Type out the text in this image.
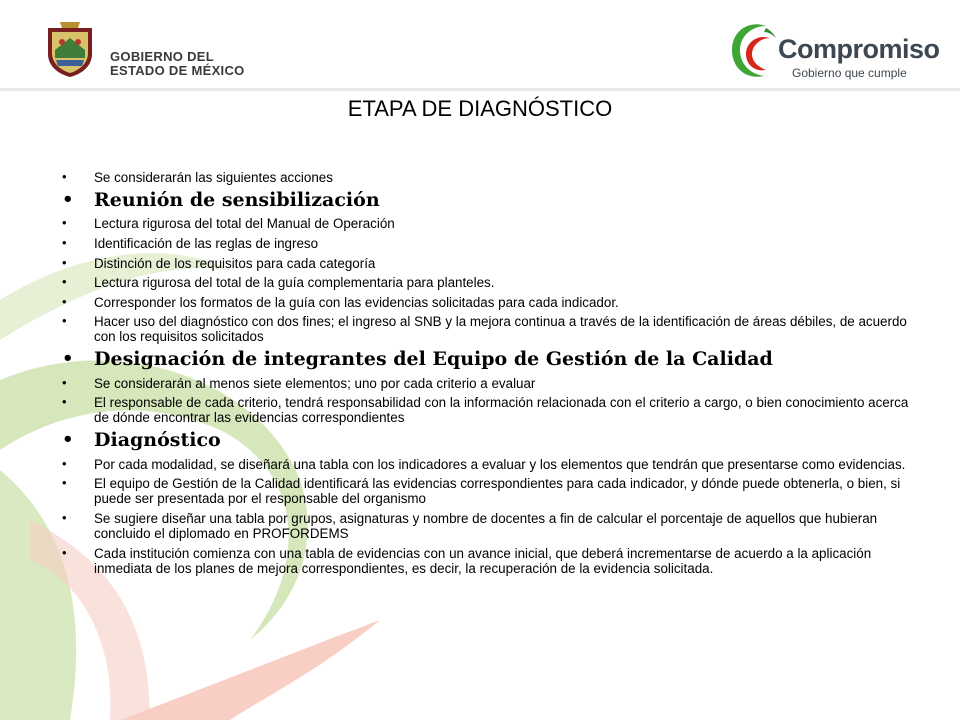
GOBIERNO DEL
ESTADO DE MÉXICO
Compromiso
Gobierno que cumple
ETAPA DE DIAGNÓSTICO
• Se considerarán las siguientes acciones
• Reunión de sensibilización
• Lectura rigurosa del total del Manual de Operación
• Identificación de las reglas de ingreso
• Distinción de los requisitos para cada categoría
• Lectura rigurosa del total de la guía complementaria para planteles.
• Corresponder los formatos de la guía con las evidencias solicitadas para cada indicador.
• Hacer uso del diagnóstico con dos fines; el ingreso al SNB y la mejora continua a través de la identificación de áreas débiles, de acuerdo con los requisitos solicitados
• Designación de integrantes del Equipo de Gestión de la Calidad
• Se considerarán al menos siete elementos; uno por cada criterio a evaluar
• El responsable de cada criterio, tendrá responsabilidad con la información relacionada con el criterio a cargo, o bien conocimiento acerca de dónde encontrar las evidencias correspondientes
• Diagnóstico
• Por cada modalidad, se diseñará una tabla con los indicadores a evaluar y los elementos que tendrán que presentarse como evidencias.
• El equipo de Gestión de la Calidad identificará las evidencias correspondientes para cada indicador, y dónde puede obtenerla, o bien, si puede ser presentada por el responsable del organismo
• Se sugiere diseñar una tabla por grupos, asignaturas y nombre de docentes a fin de calcular el porcentaje de aquellos que hubieran concluido el diplomado en PROFORDEMS
• Cada institución comienza con una tabla de evidencias con un avance inicial, que deberá incrementarse de acuerdo a la aplicación inmediata de los planes de mejora correspondientes, es decir, la recuperación de la evidencia solicitada.
